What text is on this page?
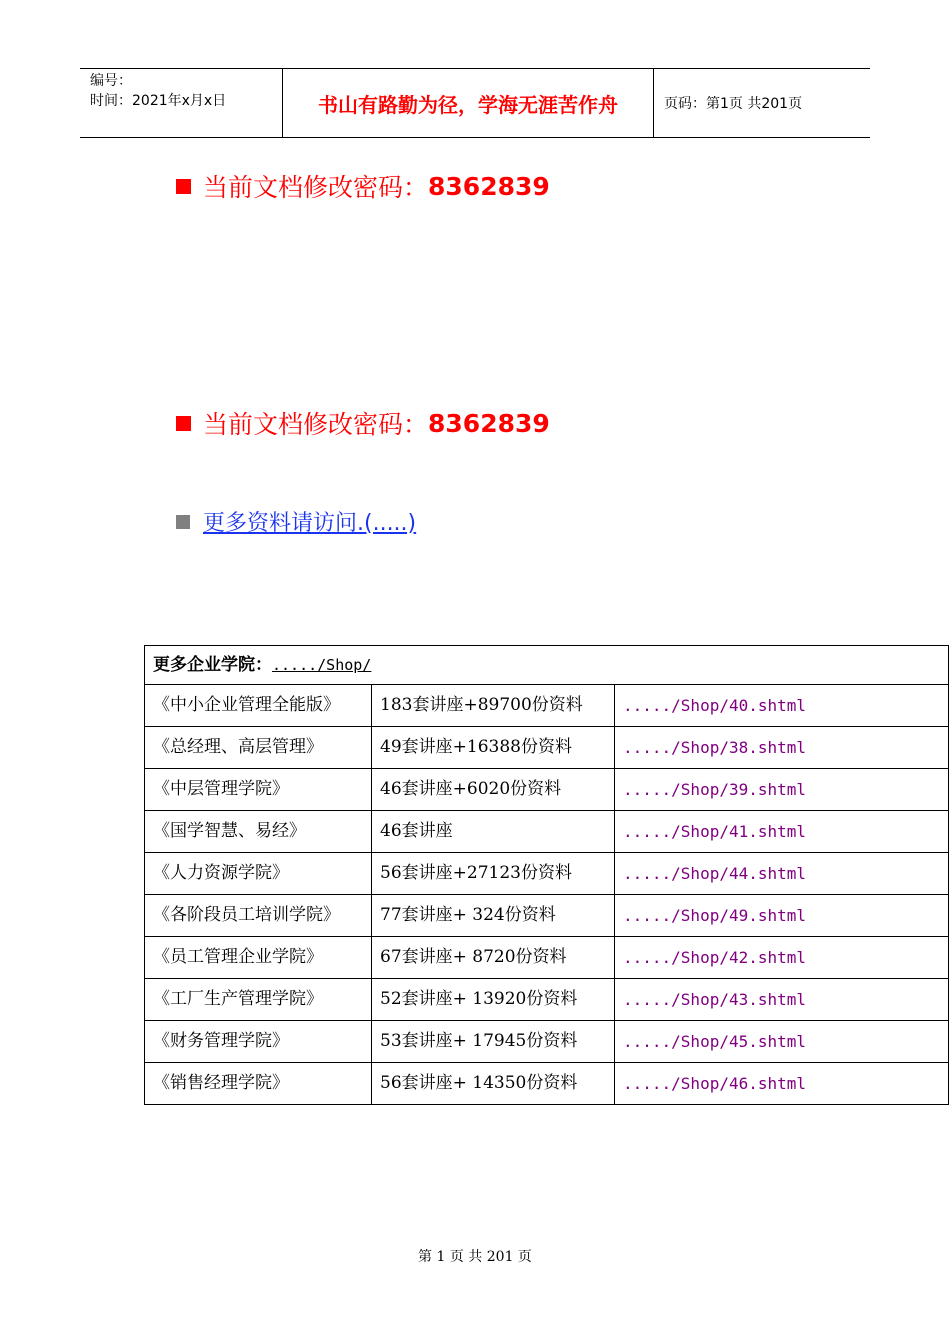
编号：
时间：2021年x月x日	书山有路勤为径，学海无涯苦作舟	页码：第1页 共201页
当前文档修改密码： 8362839
当前文档修改密码： 8362839
更多资料请访问.(.....)
更多企业学院：...../Shop/		
《中小企业管理全能版》	183套讲座+89700份资料	...../Shop/40.shtml
《总经理、高层管理》	49套讲座+16388份资料	...../Shop/38.shtml
《中层管理学院》	46套讲座+6020份资料	...../Shop/39.shtml
《国学智慧、易经》	46套讲座	...../Shop/41.shtml
《人力资源学院》	56套讲座+27123份资料	...../Shop/44.shtml
《各阶段员工培训学院》	77套讲座+ 324份资料	...../Shop/49.shtml
《员工管理企业学院》	67套讲座+ 8720份资料	...../Shop/42.shtml
《工厂生产管理学院》	52套讲座+ 13920份资料	...../Shop/43.shtml
《财务管理学院》	53套讲座+ 17945份资料	...../Shop/45.shtml
《销售经理学院》	56套讲座+ 14350份资料	...../Shop/46.shtml
第 1 页 共 201 页
